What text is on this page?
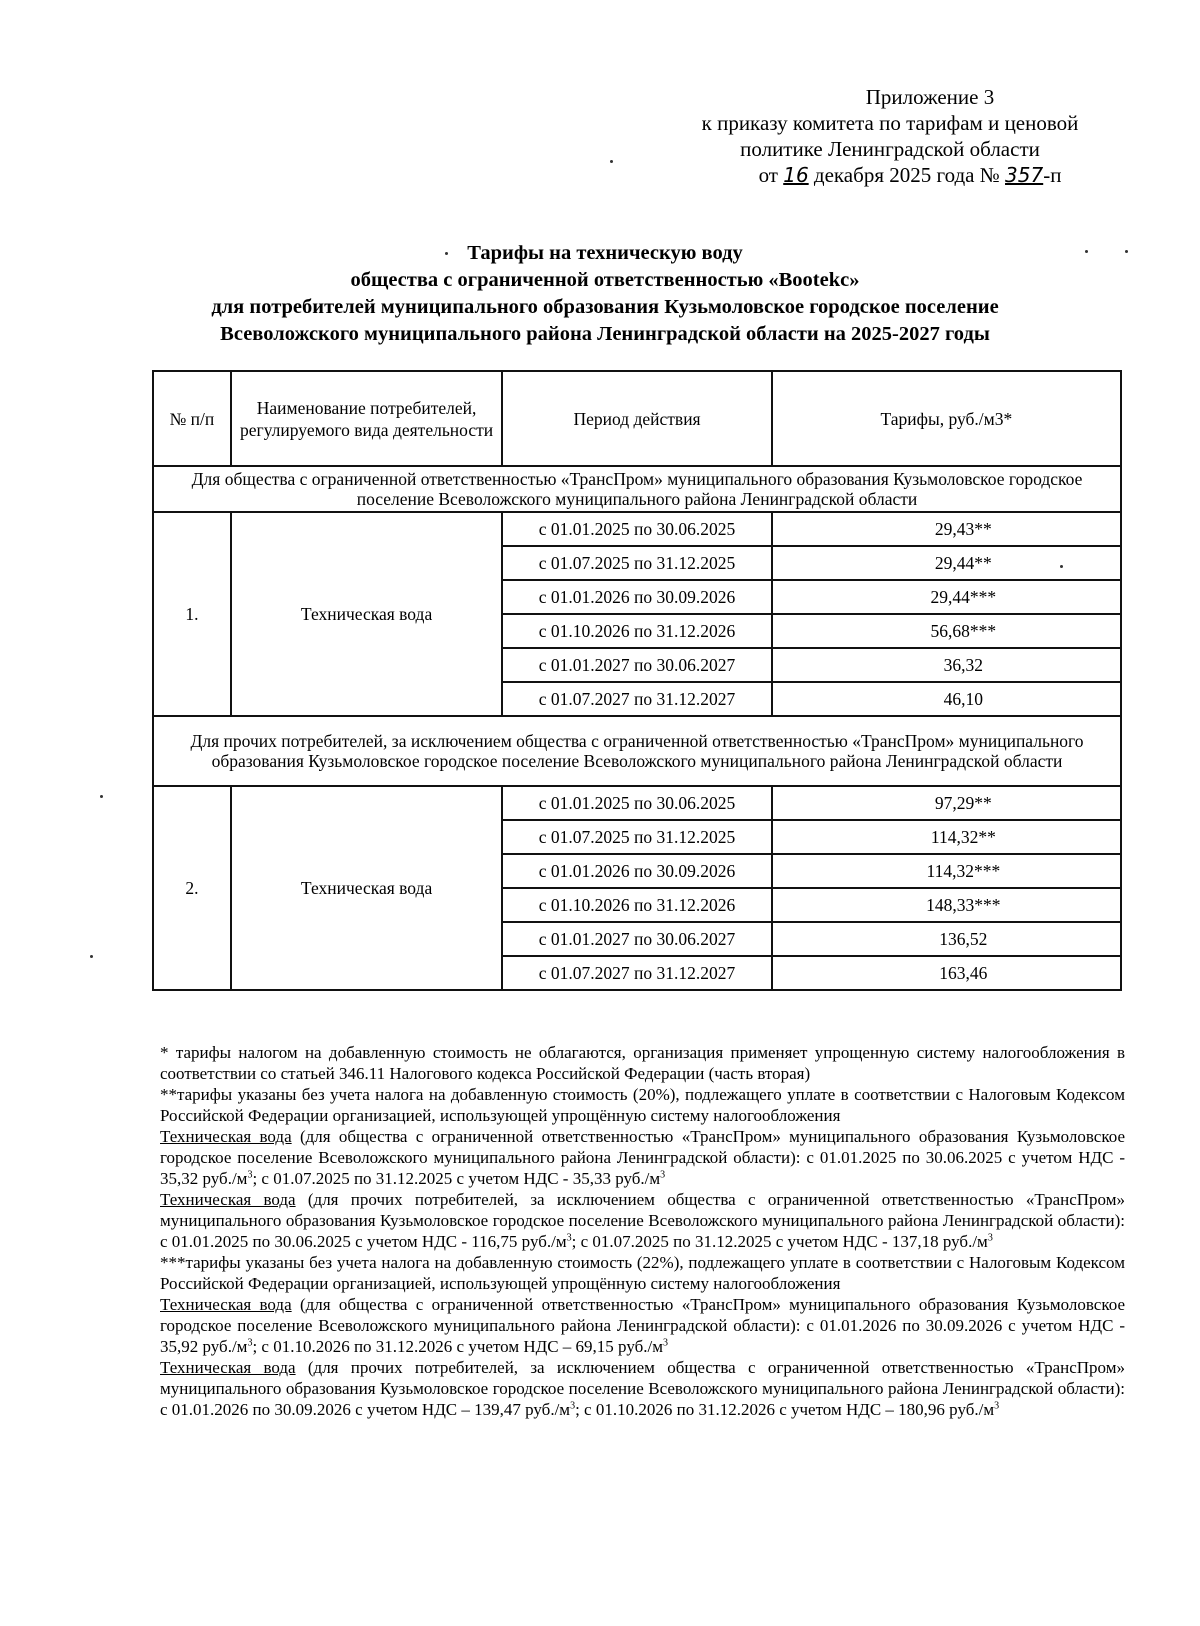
Приложение 3
к приказу комитета по тарифам и ценовой
политике Ленинградской области
от 16 декабря 2025 года № 357-п
Тарифы на техническую воду
общества с ограниченной ответственностью «Вootekc»
для потребителей муниципального образования Кузьмоловское городское поселение
Всеволожского муниципального района Ленинградской области на 2025-2027 годы
№ п/п	Наименование потребителей, регулируемого вида деятельности	Период действия	Тарифы, руб./м3*
Для общества с ограниченной ответственностью «ТрансПром» муниципального образования Кузьмоловское городское поселение Всеволожского муниципального района Ленинградской области			
1.	Техническая вода	с 01.01.2025 по 30.06.2025	29,43**
		с 01.07.2025 по 31.12.2025	29,44**
		с 01.01.2026 по 30.09.2026	29,44***
		с 01.10.2026 по 31.12.2026	56,68***
		с 01.01.2027 по 30.06.2027	36,32
		с 01.07.2027 по 31.12.2027	46,10
Для прочих потребителей, за исключением общества с ограниченной ответственностью «ТрансПром» муниципального образования Кузьмоловское городское поселение Всеволожского муниципального района Ленинградской области			
2.	Техническая вода	с 01.01.2025 по 30.06.2025	97,29**
		с 01.07.2025 по 31.12.2025	114,32**
		с 01.01.2026 по 30.09.2026	114,32***
		с 01.10.2026 по 31.12.2026	148,33***
		с 01.01.2027 по 30.06.2027	136,52
		с 01.07.2027 по 31.12.2027	163,46

* тарифы налогом на добавленную стоимость не облагаются, организация применяет упрощенную систему налогообложения в соответствии со статьей 346.11 Налогового кодекса Российской Федерации (часть вторая)

**тарифы указаны без учета налога на добавленную стоимость (20%), подлежащего уплате в соответствии с Налоговым Кодексом Российской Федерации организацией, использующей упрощённую систему налогообложения

Техническая вода (для общества с ограниченной ответственностью «ТрансПром» муниципального образования Кузьмоловское городское поселение Всеволожского муниципального района Ленинградской области): с 01.01.2025 по 30.06.2025 с учетом НДС - 35,32 $руб./м^3$; с 01.07.2025 по 31.12.2025 с учетом НДС - 35,33 $руб./м^3$

Техническая вода (для прочих потребителей, за исключением общества с ограниченной ответственностью «ТрансПром» муниципального образования Кузьмоловское городское поселение Всеволожского муниципального района Ленинградской области): с 01.01.2025 по 30.06.2025 с учетом НДС - 116,75 $руб./м^3$; с 01.07.2025 по 31.12.2025 с учетом НДС - 137,18 $руб./м^3$

***тарифы указаны без учета налога на добавленную стоимость (22%), подлежащего уплате в соответствии с Налоговым Кодексом Российской Федерации организацией, использующей упрощённую систему налогообложения

Техническая вода (для общества с ограниченной ответственностью «ТрансПром» муниципального образования Кузьмоловское городское поселение Всеволожского муниципального района Ленинградской области): с 01.01.2026 по 30.09.2026 с учетом НДС - 35,92 $руб./м^3$; с 01.10.2026 по 31.12.2026 с учетом НДС – 69,15 $руб./м^3$

Техническая вода (для прочих потребителей, за исключением общества с ограниченной ответственностью «ТрансПром» муниципального образования Кузьмоловское городское поселение Всеволожского муниципального района Ленинградской области): с 01.01.2026 по 30.09.2026 с учетом НДС – 139,47 $руб./м^3$; с 01.10.2026 по 31.12.2026 с учетом НДС – 180,96 $руб./м^3$
